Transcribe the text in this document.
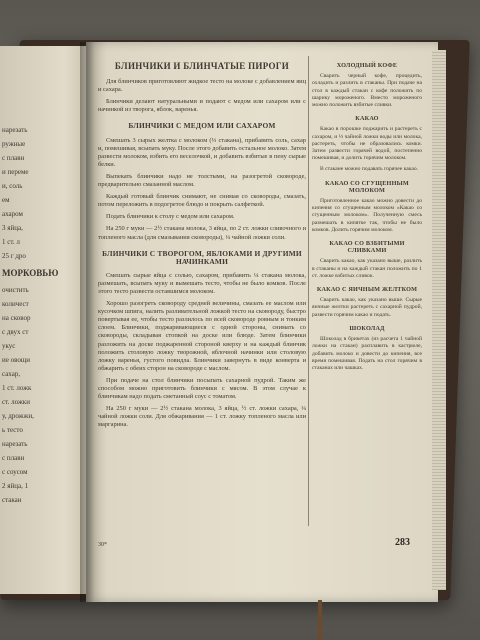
нарезать

ружные

с плавн

и переме

и, соль

ем

ахаром

3 яйца,

1 ст. л

25 г дро

МОРКОВЬЮ

очистить

количест

на сковор

с двух ст

укус

ие овощи

сахар,

1 ст. ложк

ст. ложки

у, дрожжи,

ь тесто

нарезать

с плавн

с соусом

2 яйца, 1

стакан

БЛИНЧИКИ И БЛИНЧАТЫЕ ПИРОГИ

Для блинчиков приготовляют жидкое тесто на молоке с добавлением яиц и сахара.

Блинчики делают натуральными и подают с медом или сахаром или с начинкой из творога, яблок, варенья.

БЛИНЧИКИ С МЕДОМ ИЛИ САХАРОМ

Смешать 3 сырых желтка с молоком (⅓ стакана), прибавить соль, сахар и, помешивая, всыпать муку. После этого добавить остальное молоко. Затем развести молоком, взбить его веселочкой, и добавить взбитые в пену сырые белки.

Выпекать блинчики надо не толстыми, на разогретой сковороде, предварительно смазанной маслом.

Каждый готовый блинчик снимают, не снимая со сковороды, смазать, потом переложить в подогретое блюдо и покрыть салфеткой.

Подать блинчики к столу с медом или сахаром.

На 250 г муки — 2½ стакана молока, 3 яйца, по 2 ст. ложки сливочного и топленого масла (для смазывания сковороды), ¼ чайной ложки соли.

БЛИНЧИКИ С ТВОРОГОМ, ЯБЛОКАМИ И ДРУГИМИ НАЧИНКАМИ

Смешать сырые яйца с солью, сахаром, прибавить ¼ стакана молока, размешать, всыпать муку и вымешать тесто, чтобы не было комков. После этого тесто развести оставшимся молоком.

Хорошо разогреть сковороду средней величины, смазать ее маслом или кусочком шпига, налить разливательной ложкой тесто на сковороду, быстро повертывая ее, чтобы тесто разлилось по всей сковороде ровным и тонким слоем. Блинчики, поджаривающиеся с одной стороны, снимать со сковороды, складывая стопкой на доске или блюде. Затем блинчики разложить на доске поджаренной стороной кверху и на каждый блинчик положить столовую ложку творожной, яблочной начинки или столовую ложку варенья, густого повидла. Блинчики завернуть в виде конверта и обжарить с обеих сторон на сковороде с маслом.

При подаче на стол блинчики посыпать сахарной пудрой. Таким же способом можно приготовить блинчики с мясом. В этом случае к блинчикам надо подать сметанный соус с томатом.

На 250 г муки — 2½ стакана молока, 3 яйца, ½ ст. ложки сахара, ¼ чайной ложки соли. Для обжаривания — 1 ст. ложку топленого масла или маргарина.

ХОЛОДНЫЙ КОФЕ

Сварить черный кофе, процедить, охладить и разлить в стаканы. При подаче на стол в каждый стакан с кофе положить по шарику мороженого. Вместо мороженого можно положить взбитые сливки.

КАКАО

Какао в порошке поджарить и растереть с сахаром, и ⅓ чайной ложки воды или молока, растереть, чтобы не образовались комки. Затем развести горячей водой, постепенно помешивая, и долить горячим молоком.

В стакане можно подавать горячее какао.

КАКАО СО СГУЩЕННЫМ МОЛОКОМ

Приготовленное какао можно довести до кипения со сгущенным молоком «Какао со сгущенным молоком». Полученную смесь размешать в кипятке так, чтобы не было комков. Долить горячим молоком.

КАКАО СО ВЗБИТЫМИ СЛИВКАМИ

Сварить какао, как указано выше, разлить в стаканы и на каждый стакан положить по 1 ст. ложке взбитых сливок.

КАКАО С ЯИЧНЫМ ЖЕЛТКОМ

Сварить какао, как указано выше. Сырые яичные желтки растереть с сахарной пудрой, развести горячим какао и подать.

ШОКОЛАД

Шоколад в брикетах (из расчета 1 чайной ложки на стакан) расплавить в кастрюле, добавить молоко и довести до кипения, все время помешивая. Подать на стол горячим в стаканах или чашках.

30*	283
